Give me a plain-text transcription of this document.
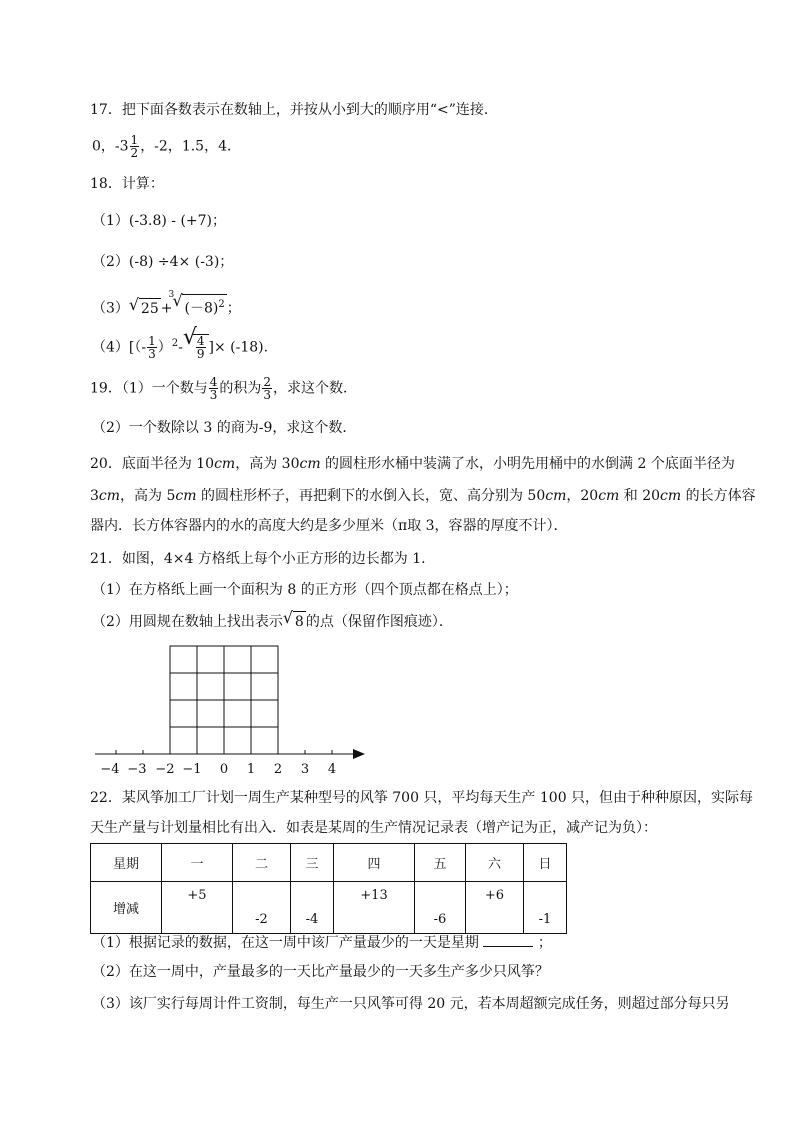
17．把下面各数表示在数轴上，并按从小到大的顺序用“<”连接．
0，$-3 \frac{1}{2}$ ，-2，1.5，4．
18．计算：
（1）(-3.8) - (+7)；
（2）(-8) ÷4× (-3)；
（3） √ 25 +
3
√ $(-8)^2$ ；
$(4)[(- \frac{1}{3} )^2-$ √
$\frac{4}{9}$ ]× (-18).
19．（1）一个数与 $\frac{4}{3}$ 的积为 $\frac{2}{3}$ ，求这个数．
（2）一个数除以 3 的商为-9，求这个数．
20．底面半径为 10cm，高为 30cm 的圆柱形水桶中装满了水，小明先用桶中的水倒满 2 个底面半径为
3cm，高为 5cm 的圆柱形杯子，再把剩下的水倒入长，宽、高分别为 50cm，20cm 和 20cm 的长方体容
器内．长方体容器内的水的高度大约是多少厘米（π取 3，容器的厚度不计）．
21．如图，4×4 方格纸上每个小正方形的边长都为 1．
（1）在方格纸上画一个面积为 8 的正方形（四个顶点都在格点上）；
（2）用圆规在数轴上找出表示 √ 8 的点（保留作图痕迹）．
−4 −3 −2 −1 0 1 2 3 4
22．某风筝加工厂计划一周生产某种型号的风筝 700 只，平均每天生产 100 只，但由于种种原因，实际每
天生产量与计划量相比有出入．如表是某周的生产情况记录表（增产记为正，减产记为负）：
星期	一	二	三	四	五	六	日
增减	+5	-2	-4	+13	-6	+6	-1
（1）根据记录的数据，在这一周中该厂产量最少的一天是星期	；
（2）在这一周中，产量最多的一天比产量最少的一天多生产多少只风筝？
（3）该厂实行每周计件工资制，每生产一只风筝可得 20 元，若本周超额完成任务，则超过部分每只另
